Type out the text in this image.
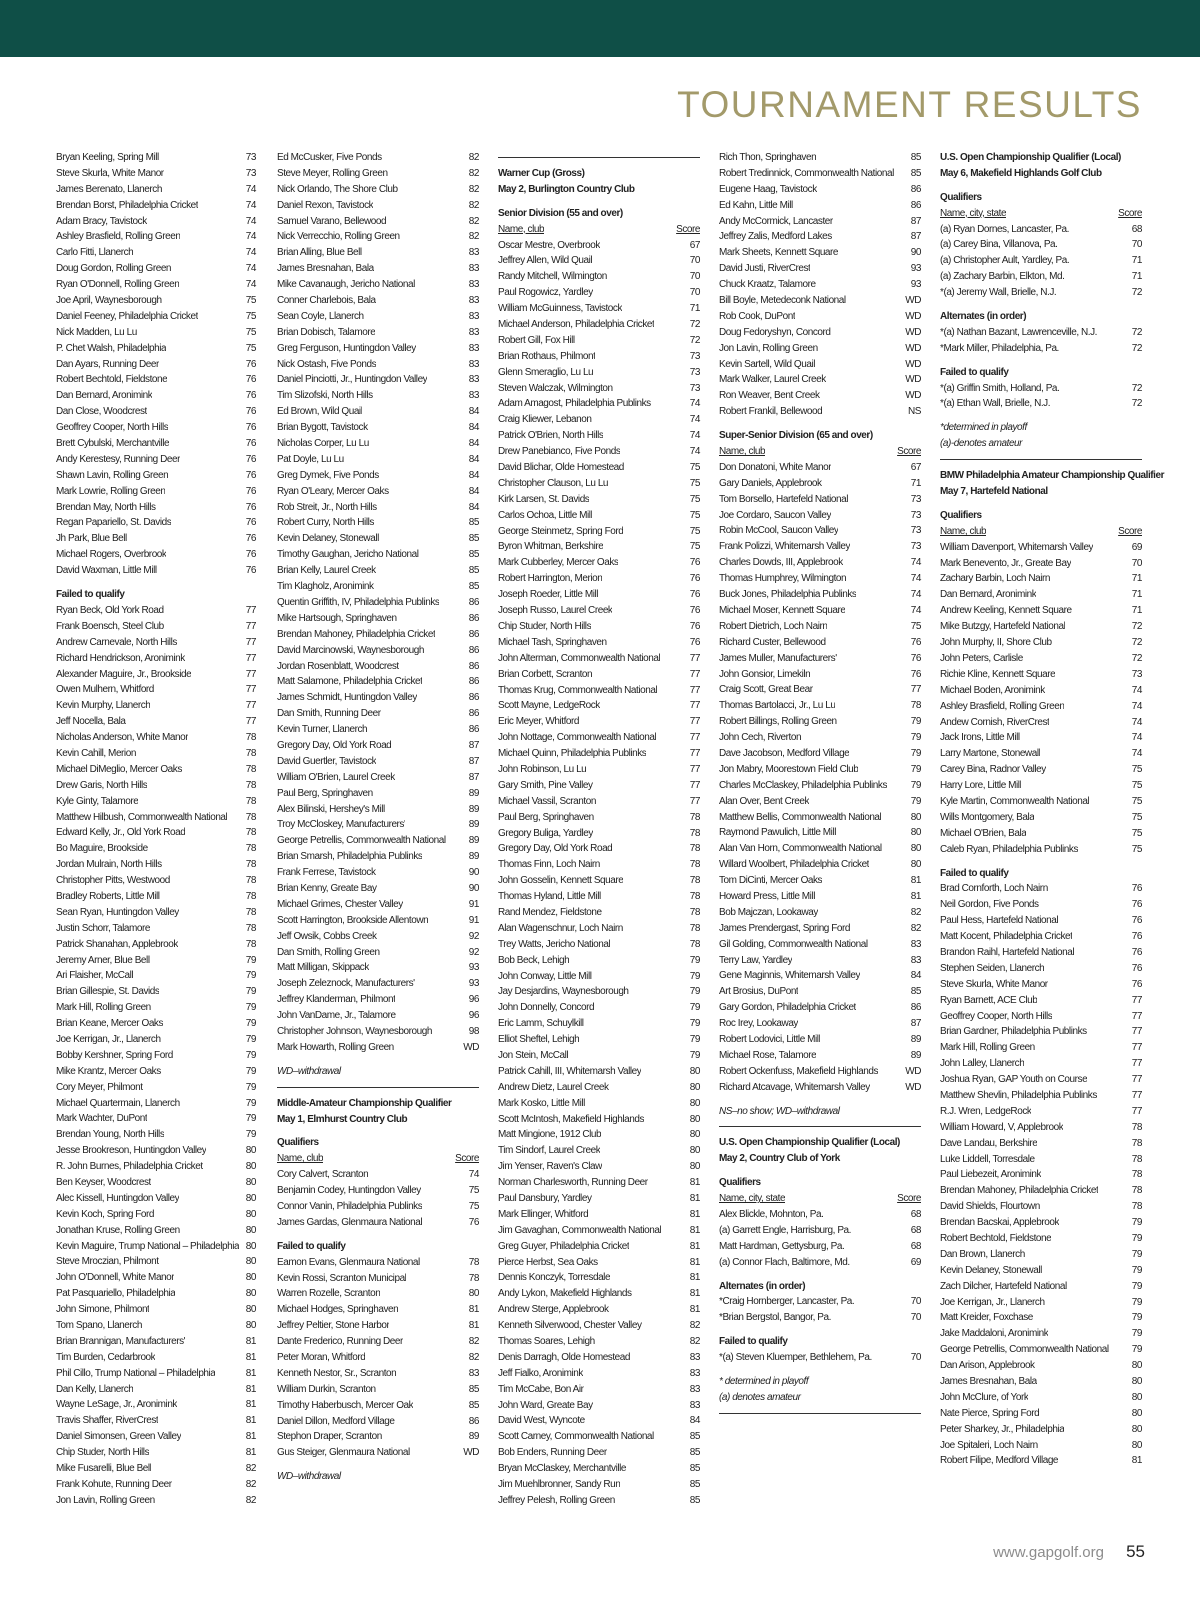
TOURNAMENT RESULTS
Bryan Keeling, Spring Mill	73
Steve Skurla, White Manor	73
James Berenato, Llanerch	74
Brendan Borst, Philadelphia Cricket	74
Adam Bracy, Tavistock	74
Ashley Brasfield, Rolling Green	74
Carlo Fitti, Llanerch	74
Doug Gordon, Rolling Green	74
Ryan O'Donnell, Rolling Green	74
Joe April, Waynesborough	75
Daniel Feeney, Philadelphia Cricket	75
Nick Madden, Lu Lu	75
P. Chet Walsh, Philadelphia	75
Dan Ayars, Running Deer	76
Robert Bechtold, Fieldstone	76
Dan Bernard, Aronimink	76
Dan Close, Woodcrest	76
Geoffrey Cooper, North Hills	76
Brett Cybulski, Merchantville	76
Andy Kerestesy, Running Deer	76
Shawn Lavin, Rolling Green	76
Mark Lowrie, Rolling Green	76
Brendan May, North Hills	76
Regan Papariello, St. Davids	76
Jh Park, Blue Bell	76
Michael Rogers, Overbrook	76
David Waxman, Little Mill	76
Failed to qualify
Ryan Beck, Old York Road	77
Frank Boensch, Steel Club	77
Andrew Carnevale, North Hills	77
Richard Hendrickson, Aronimink	77
Alexander Maguire, Jr., Brookside	77
Owen Mulhern, Whitford	77
Kevin Murphy, Llanerch	77
Jeff Nocella, Bala	77
Nicholas Anderson, White Manor	78
Kevin Cahill, Merion	78
Michael DiMeglio, Mercer Oaks	78
Drew Garis, North Hills	78
Kyle Ginty, Talamore	78
Matthew Hilbush, Commonwealth National	78
Edward Kelly, Jr., Old York Road	78
Bo Maguire, Brookside	78
Jordan Mulrain, North Hills	78
Christopher Pitts, Westwood	78
Bradley Roberts, Little Mill	78
Sean Ryan, Huntingdon Valley	78
Justin Schorr, Talamore	78
Patrick Shanahan, Applebrook	78
Jeremy Arner, Blue Bell	79
Ari Flaisher, McCall	79
Brian Gillespie, St. Davids	79
Mark Hill, Rolling Green	79
Brian Keane, Mercer Oaks	79
Joe Kerrigan, Jr., Llanerch	79
Bobby Kershner, Spring Ford	79
Mike Krantz, Mercer Oaks	79
Cory Meyer, Philmont	79
Michael Quartermain, Llanerch	79
Mark Wachter, DuPont	79
Brendan Young, North Hills	79
Jesse Brookreson, Huntingdon Valley	80
R. John Burnes, Philadelphia Cricket	80
Ben Keyser, Woodcrest	80
Alec Kissell, Huntingdon Valley	80
Kevin Koch, Spring Ford	80
Jonathan Kruse, Rolling Green	80
Kevin Maguire, Trump National – Philadelphia 80
Steve Mroczian, Philmont	80
John O'Donnell, White Manor	80
Pat Pasquariello, Philadelphia	80
John Simone, Philmont	80
Tom Spano, Llanerch	80
Brian Brannigan, Manufacturers'	81
Tim Burden, Cedarbrook	81
Phil Cillo, Trump National – Philadelphia	81
Dan Kelly, Llanerch	81
Wayne LeSage, Jr., Aronimink	81
Travis Shaffer, RiverCrest	81
Daniel Simonsen, Green Valley	81
Chip Studer, North Hills	81
Mike Fusarelli, Blue Bell	82
Frank Kohute, Running Deer	82
Jon Lavin, Rolling Green	82
Ed McCusker, Five Ponds	82
Steve Meyer, Rolling Green	82
Nick Orlando, The Shore Club	82
Daniel Rexon, Tavistock	82
Samuel Varano, Bellewood	82
Nick Verrecchio, Rolling Green	82
Brian Alling, Blue Bell	83
James Bresnahan, Bala	83
Mike Cavanaugh, Jericho National	83
Conner Charlebois, Bala	83
Sean Coyle, Llanerch	83
Brian Dobisch, Talamore	83
Greg Ferguson, Huntingdon Valley	83
Nick Ostash, Five Ponds	83
Daniel Pinciotti, Jr., Huntingdon Valley	83
Tim Slizofski, North Hills	83
Ed Brown, Wild Quail	84
Brian Bygott, Tavistock	84
Nicholas Corper, Lu Lu	84
Pat Doyle, Lu Lu	84
Greg Dymek, Five Ponds	84
Ryan O'Leary, Mercer Oaks	84
Rob Streit, Jr., North Hills	84
Robert Curry, North Hills	85
Kevin Delaney, Stonewall	85
Timothy Gaughan, Jericho National	85
Brian Kelly, Laurel Creek	85
Tim Klagholz, Aronimink	85
Quentin Griffith, IV, Philadelphia Publinks	86
Mike Hartsough, Springhaven	86
Brendan Mahoney, Philadelphia Cricket	86
David Marcinowski, Waynesborough	86
Jordan Rosenblatt, Woodcrest	86
Matt Salamone, Philadelphia Cricket	86
James Schmidt, Huntingdon Valley	86
Dan Smith, Running Deer	86
Kevin Turner, Llanerch	86
Gregory Day, Old York Road	87
David Guertler, Tavistock	87
William O'Brien, Laurel Creek	87
Paul Berg, Springhaven	89
Alex Bilinski, Hershey's Mill	89
Troy McCloskey, Manufacturers'	89
George Petrellis, Commonwealth National	89
Brian Smarsh, Philadelphia Publinks	89
Frank Ferrese, Tavistock	90
Brian Kenny, Greate Bay	90
Michael Grimes, Chester Valley	91
Scott Harrington, Brookside Allentown	91
Jeff Owsik, Cobbs Creek	92
Dan Smith, Rolling Green	92
Matt Milligan, Skippack	93
Joseph Zeleznock, Manufacturers'	93
Jeffrey Klanderman, Philmont	96
John VanDame, Jr., Talamore	96
Christopher Johnson, Waynesborough	98
Mark Howarth, Rolling Green	WD
WD–withdrawal
Middle-Amateur Championship Qualifier
May 1, Elmhurst Country Club
Qualifiers
Name, club	Score
Cory Calvert, Scranton	74
Benjamin Codey, Huntingdon Valley	75
Connor Vanin, Philadelphia Publinks	75
James Gardas, Glenmaura National	76
Failed to qualify
Eamon Evans, Glenmaura National	78
Kevin Rossi, Scranton Municipal	78
Warren Rozelle, Scranton	80
Michael Hodges, Springhaven	81
Jeffrey Peltier, Stone Harbor	81
Dante Frederico, Running Deer	82
Peter Moran, Whitford	82
Kenneth Nestor, Sr., Scranton	83
William Durkin, Scranton	85
Timothy Haberbusch, Mercer Oak	85
Daniel Dillon, Medford Village	86
Stephon Draper, Scranton	89
Gus Steiger, Glenmaura National	WD
WD–withdrawal
Warner Cup (Gross)
May 2, Burlington Country Club
Senior Division (55 and over)
Name, club	Score
Oscar Mestre, Overbrook	67
Jeffrey Allen, Wild Quail	70
Randy Mitchell, Wilmington	70
Paul Rogowicz, Yardley	70
William McGuinness, Tavistock	71
Michael Anderson, Philadelphia Cricket	72
Robert Gill, Fox Hill	72
Brian Rothaus, Philmont	73
Glenn Smeraglio, Lu Lu	73
Steven Walczak, Wilmington	73
Adam Amagost, Philadelphia Publinks	74
Craig Kliewer, Lebanon	74
Patrick O'Brien, North Hills	74
Drew Panebianco, Five Ponds	74
David Blichar, Olde Homestead	75
Christopher Clauson, Lu Lu	75
Kirk Larsen, St. Davids	75
Carlos Ochoa, Little Mill	75
George Steinmetz, Spring Ford	75
Byron Whitman, Berkshire	75
Mark Cubberley, Mercer Oaks	76
Robert Harrington, Merion	76
Joseph Roeder, Little Mill	76
Joseph Russo, Laurel Creek	76
Chip Studer, North Hills	76
Michael Tash, Springhaven	76
John Alterman, Commonwealth National	77
Brian Corbett, Scranton	77
Thomas Krug, Commonwealth National	77
Scott Mayne, LedgeRock	77
Eric Meyer, Whitford	77
John Nottage, Commonwealth National	77
Michael Quinn, Philadelphia Publinks	77
John Robinson, Lu Lu	77
Gary Smith, Pine Valley	77
Michael Vassil, Scranton	77
Paul Berg, Springhaven	78
Gregory Buliga, Yardley	78
Gregory Day, Old York Road	78
Thomas Finn, Loch Nairn	78
John Gosselin, Kennett Square	78
Thomas Hyland, Little Mill	78
Rand Mendez, Fieldstone	78
Alan Wagenschnur, Loch Nairn	78
Trey Watts, Jericho National	78
Bob Beck, Lehigh	79
John Conway, Little Mill	79
Jay Desjardins, Waynesborough	79
John Donnelly, Concord	79
Eric Lamm, Schuylkill	79
Elliot Sheftel, Lehigh	79
Jon Stein, McCall	79
Patrick Cahill, III, Whitemarsh Valley	80
Andrew Dietz, Laurel Creek	80
Mark Kosko, Little Mill	80
Scott McIntosh, Makefield Highlands	80
Matt Mingione, 1912 Club	80
Tim Sindorf, Laurel Creek	80
Jim Yenser, Raven's Claw	80
Norman Charlesworth, Running Deer	81
Paul Dansbury, Yardley	81
Mark Ellinger, Whitford	81
Jim Gavaghan, Commonwealth National	81
Greg Guyer, Philadelphia Cricket	81
Pierce Herbst, Sea Oaks	81
Dennis Konczyk, Torresdale	81
Andy Lykon, Makefield Highlands	81
Andrew Sterge, Applebrook	81
Kenneth Silverwood, Chester Valley	82
Thomas Soares, Lehigh	82
Denis Darragh, Olde Homestead	83
Jeff Fialko, Aronimink	83
Tim McCabe, Bon Air	83
John Ward, Greate Bay	83
David West, Wyncote	84
Scott Carney, Commonwealth National	85
Bob Enders, Running Deer	85
Bryan McClaskey, Merchantville	85
Jim Muehlbronner, Sandy Run	85
Jeffrey Pelesh, Rolling Green	85
Rich Thon, Springhaven	85
Robert Tredinnick, Commonwealth National	85
Eugene Haag, Tavistock	86
Ed Kahn, Little Mill	86
Andy McCormick, Lancaster	87
Jeffrey Zalis, Medford Lakes	87
Mark Sheets, Kennett Square	90
David Justi, RiverCrest	93
Chuck Kraatz, Talamore	93
Bill Boyle, Metedeconk National	WD
Rob Cook, DuPont	WD
Doug Fedoryshyn, Concord	WD
Jon Lavin, Rolling Green	WD
Kevin Sartell, Wild Quail	WD
Mark Walker, Laurel Creek	WD
Ron Weaver, Bent Creek	WD
Robert Frankil, Bellewood	NS
Super-Senior Division (65 and over)
Name, club	Score
Don Donatoni, White Manor	67
Gary Daniels, Applebrook	71
Tom Borsello, Hartefeld National	73
Joe Cordaro, Saucon Valley	73
Robin McCool, Saucon Valley	73
Frank Polizzi, Whitemarsh Valley	73
Charles Dowds, III, Applebrook	74
Thomas Humphrey, Wilmington	74
Buck Jones, Philadelphia Publinks	74
Michael Moser, Kennett Square	74
Robert Dietrich, Loch Nairn	75
Richard Custer, Bellewood	76
James Muller, Manufacturers'	76
John Gonsior, Limekiln	76
Craig Scott, Great Bear	77
Thomas Bartolacci, Jr., Lu Lu	78
Robert Billings, Rolling Green	79
John Cech, Riverton	79
Dave Jacobson, Medford Village	79
Jon Mabry, Moorestown Field Club	79
Charles McClaskey, Philadelphia Publinks	79
Alan Over, Bent Creek	79
Matthew Bellis, Commonwealth National	80
Raymond Pawulich, Little Mill	80
Alan Van Horn, Commonwealth National	80
Willard Woolbert, Philadelphia Cricket	80
Tom DiCinti, Mercer Oaks	81
Howard Press, Little Mill	81
Bob Majczan, Lookaway	82
James Prendergast, Spring Ford	82
Gil Golding, Commonwealth National	83
Terry Law, Yardley	83
Gene Maginnis, Whitemarsh Valley	84
Art Brosius, DuPont	85
Gary Gordon, Philadelphia Cricket	86
Roc Irey, Lookaway	87
Robert Lodovici, Little Mill	89
Michael Rose, Talamore	89
Robert Ockenfuss, Makefield Highlands	WD
Richard Atcavage, Whitemarsh Valley	WD
NS–no show; WD–withdrawal
U.S. Open Championship Qualifier (Local)
May 2, Country Club of York
Qualifiers
Name, city, state	Score
Alex Blickle, Mohnton, Pa.	68
(a) Garrett Engle, Harrisburg, Pa.	68
Matt Hardman, Gettysburg, Pa.	68
(a) Connor Flach, Baltimore, Md.	69
Alternates (in order)
*Craig Hornberger, Lancaster, Pa.	70
*Brian Bergstol, Bangor, Pa.	70
Failed to qualify
*(a) Steven Kluemper, Bethlehem, Pa.	70
* determined in playoff
(a) denotes amateur
U.S. Open Championship Qualifier (Local)
May 6, Makefield Highlands Golf Club
Qualifiers
Name, city, state	Score
(a) Ryan Dornes, Lancaster, Pa.	68
(a) Carey Bina, Villanova, Pa.	70
(a) Christopher Ault, Yardley, Pa.	71
(a) Zachary Barbin, Elkton, Md.	71
*(a) Jeremy Wall, Brielle, N.J.	72
Alternates (in order)
*(a) Nathan Bazant, Lawrenceville, N.J.	72
*Mark Miller, Philadelphia, Pa.	72
Failed to qualify
*(a) Griffin Smith, Holland, Pa.	72
*(a) Ethan Wall, Brielle, N.J.	72
*determined in playoff
(a)-denotes amateur
BMW Philadelphia Amateur Championship Qualifier
May 7, Hartefeld National
Qualifiers
Name, club	Score
William Davenport, Whitemarsh Valley	69
Mark Benevento, Jr., Greate Bay	70
Zachary Barbin, Loch Nairn	71
Dan Bernard, Aronimink	71
Andrew Keeling, Kennett Square	71
Mike Butzgy, Hartefeld National	72
John Murphy, II, Shore Club	72
John Peters, Carlisle	72
Richie Kline, Kennett Square	73
Michael Boden, Aronimink	74
Ashley Brasfield, Rolling Green	74
Andew Cornish, RiverCrest	74
Jack Irons, Little Mill	74
Larry Martone, Stonewall	74
Carey Bina, Radnor Valley	75
Harry Lore, Little Mill	75
Kyle Martin, Commonwealth National	75
Wills Montgomery, Bala	75
Michael O'Brien, Bala	75
Caleb Ryan, Philadelphia Publinks	75
Failed to qualify
Brad Cornforth, Loch Nairn	76
Neil Gordon, Five Ponds	76
Paul Hess, Hartefeld National	76
Matt Kocent, Philadelphia Cricket	76
Brandon Raihl, Hartefeld National	76
Stephen Seiden, Llanerch	76
Steve Skurla, White Manor	76
Ryan Barnett, ACE Club	77
Geoffrey Cooper, North Hills	77
Brian Gardner, Philadelphia Publinks	77
Mark Hill, Rolling Green	77
John Lalley, Llanerch	77
Joshua Ryan, GAP Youth on Course	77
Matthew Shevlin, Philadelphia Publinks	77
R.J. Wren, LedgeRock	77
William Howard, V, Applebrook	78
Dave Landau, Berkshire	78
Luke Liddell, Torresdale	78
Paul Liebezeit, Aronimink	78
Brendan Mahoney, Philadelphia Cricket	78
David Shields, Flourtown	78
Brendan Bacskai, Applebrook	79
Robert Bechtold, Fieldstone	79
Dan Brown, Llanerch	79
Kevin Delaney, Stonewall	79
Zach Dilcher, Hartefeld National	79
Joe Kerrigan, Jr., Llanerch	79
Matt Kreider, Foxchase	79
Jake Maddaloni, Aronimink	79
George Petrellis, Commonwealth National	79
Dan Arison, Applebrook	80
James Bresnahan, Bala	80
John McClure, of York	80
Nate Pierce, Spring Ford	80
Peter Sharkey, Jr., Philadelphia	80
Joe Spitaleri, Loch Nairn	80
Robert Filipe, Medford Village	81
www.gapgolf.org 55
